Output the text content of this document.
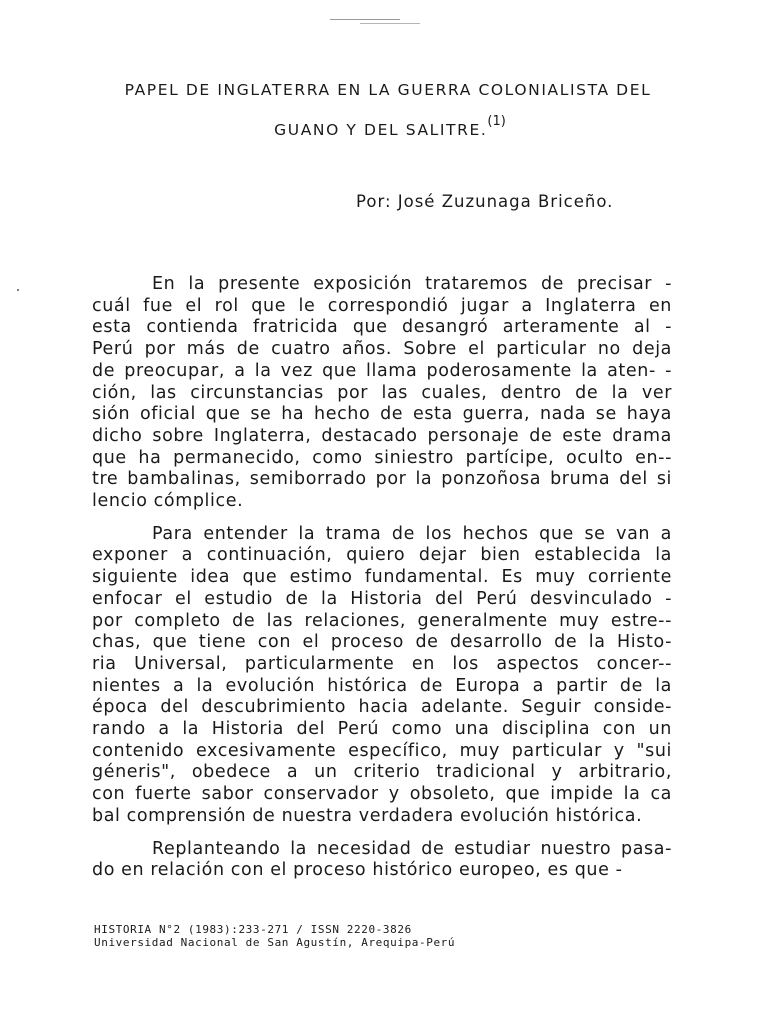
PAPEL DE INGLATERRA EN LA GUERRA COLONIALISTA DEL
GUANO Y DEL SALITRE.$^{(1)}$
Por: José Zuzunaga Briceño.
En la presente exposición trataremos de precisar -
cuál fue el rol que le correspondió jugar a Inglaterra en
esta contienda fratricida que desangró arteramente al -
Perú por más de cuatro años. Sobre el particular no deja
de preocupar, a la vez que llama poderosamente la aten- -
ción, las circunstancias por las cuales, dentro de la ver
sión oficial que se ha hecho de esta guerra, nada se haya
dicho sobre Inglaterra, destacado personaje de este drama
que ha permanecido, como siniestro partícipe, oculto en--
tre bambalinas, semiborrado por la ponzoñosa bruma del si
lencio cómplice.
Para entender la trama de los hechos que se van a
exponer a continuación, quiero dejar bien establecida la
siguiente idea que estimo fundamental. Es muy corriente
enfocar el estudio de la Historia del Perú desvinculado -
por completo de las relaciones, generalmente muy estre--
chas, que tiene con el proceso de desarrollo de la Histo-
ria Universal, particularmente en los aspectos concer--
nientes a la evolución histórica de Europa a partir de la
época del descubrimiento hacia adelante. Seguir conside-
rando a la Historia del Perú como una disciplina con un
contenido excesivamente específico, muy particular y "sui
géneris", obedece a un criterio tradicional y arbitrario,
con fuerte sabor conservador y obsoleto, que impide la ca
bal comprensión de nuestra verdadera evolución histórica.
Replanteando la necesidad de estudiar nuestro pasa-
do en relación con el proceso histórico europeo, es que -
HISTORIA N°2 (1983):233-271 / ISSN 2220-3826
Universidad Nacional de San Agustín, Arequipa-Perú
